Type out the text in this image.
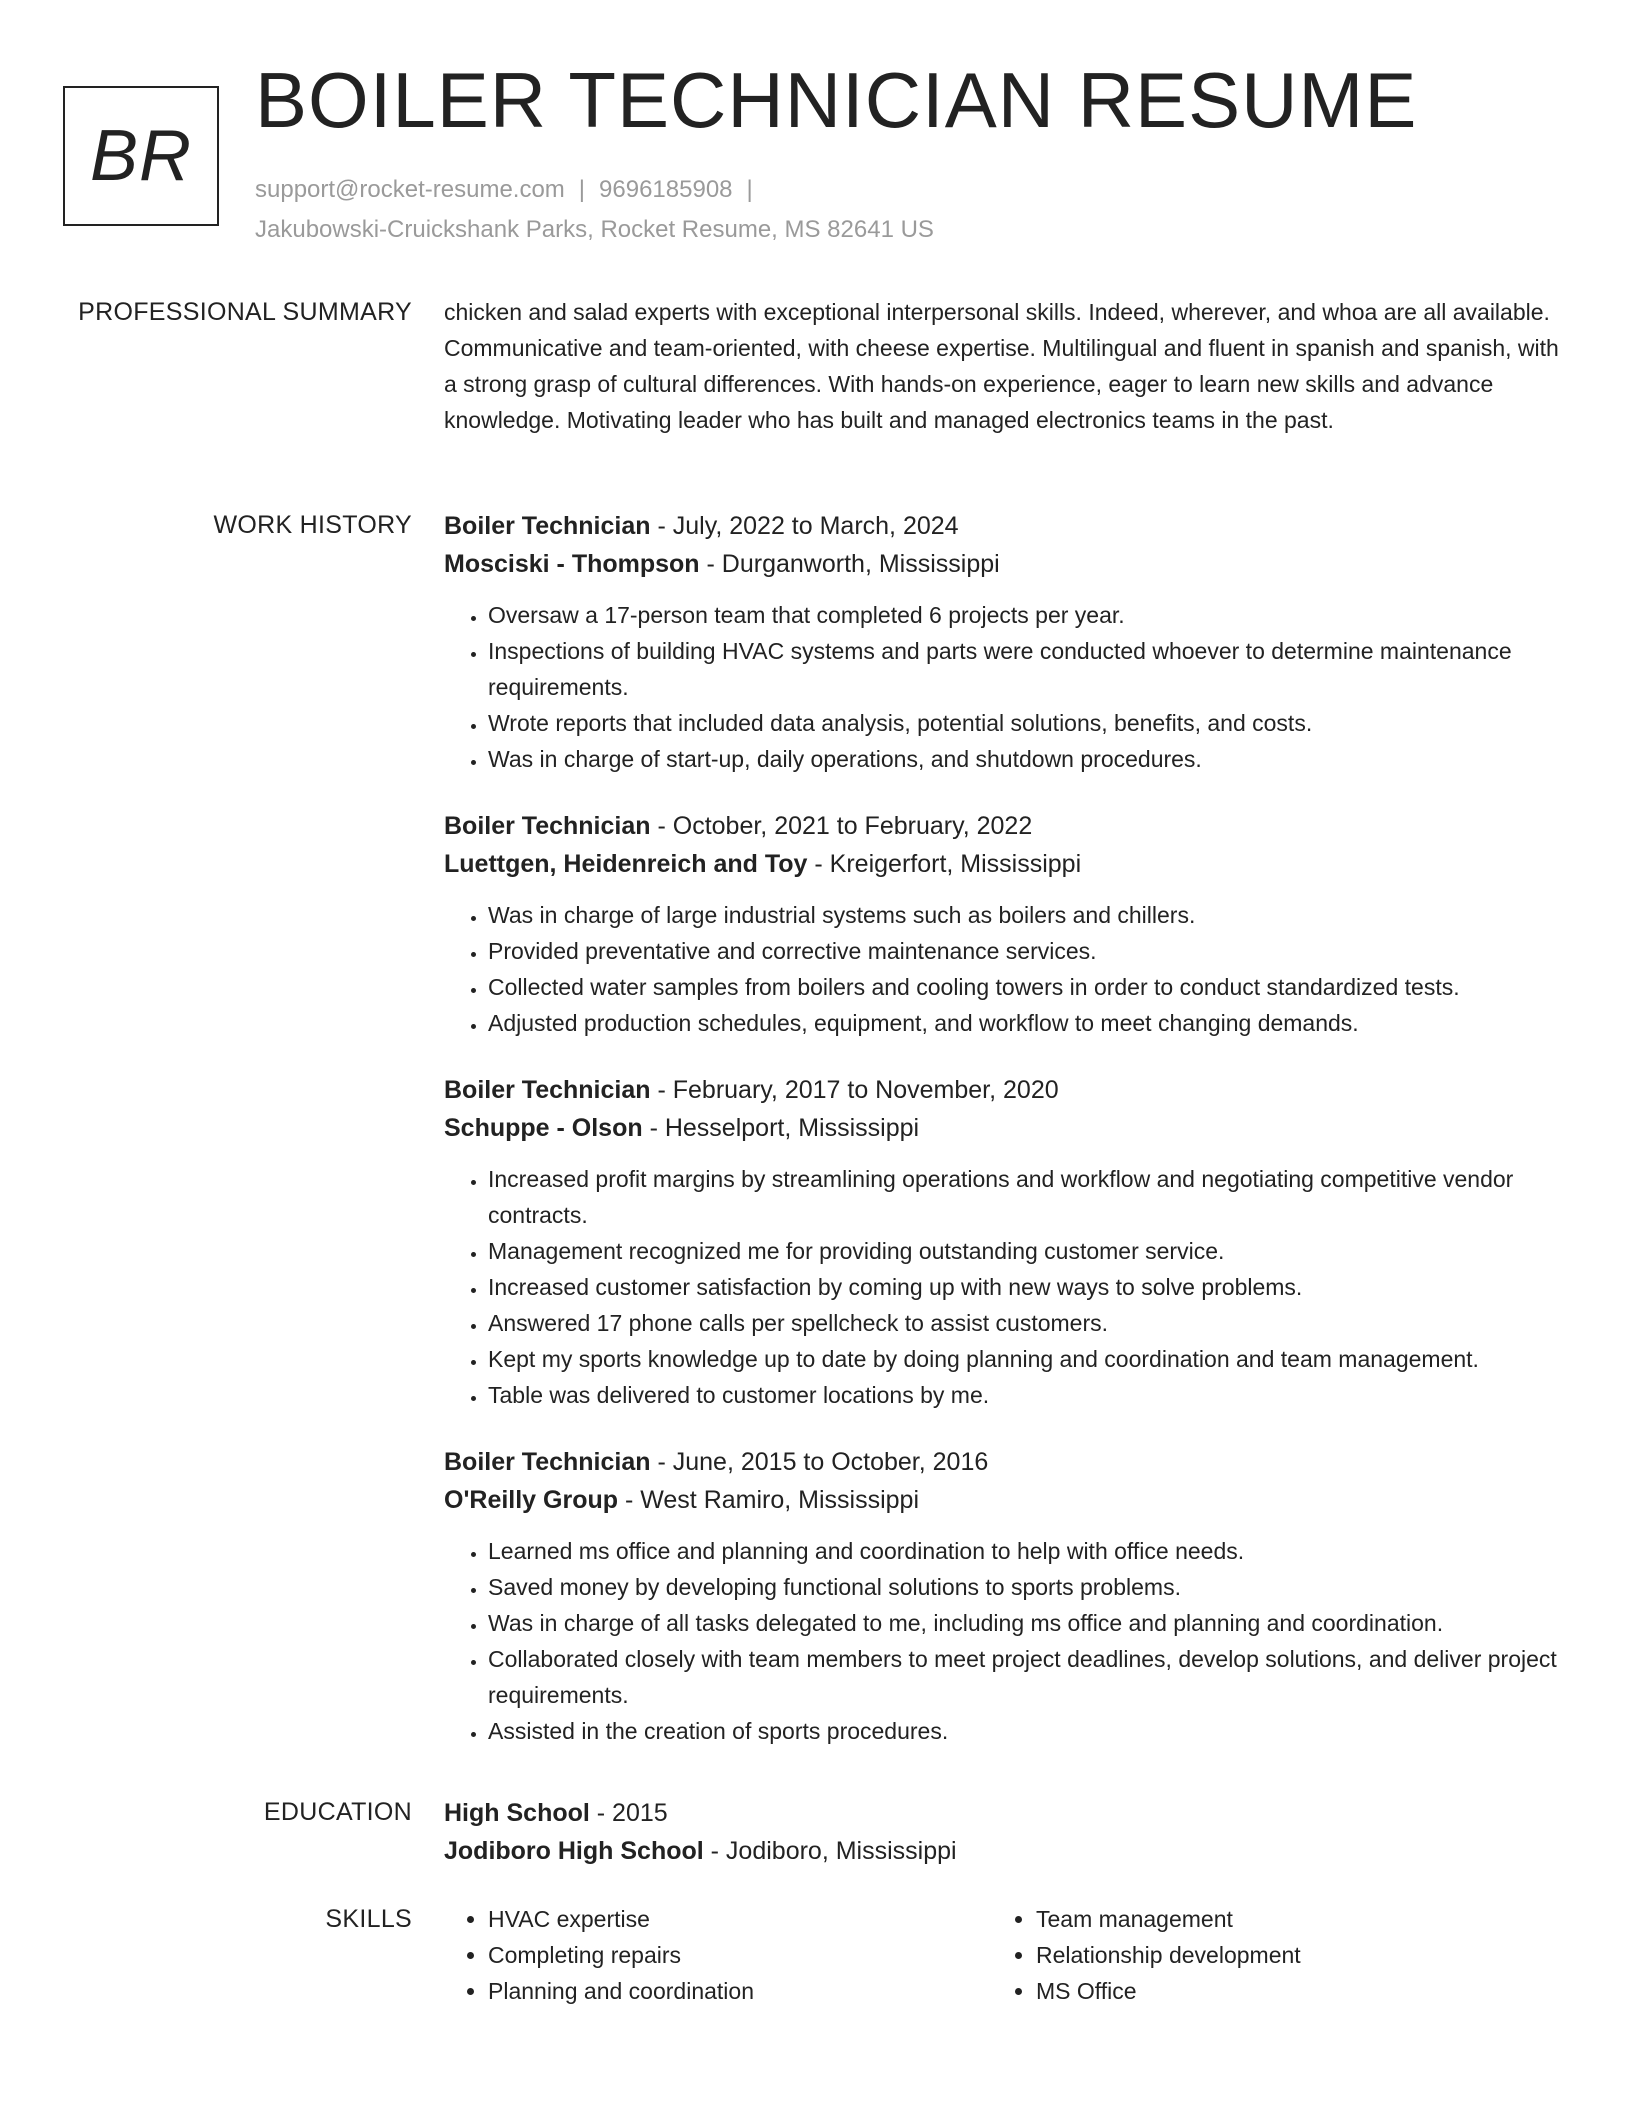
BR
BOILER TECHNICIAN RESUME
support@rocket-resume.com | 9696185908 |
Jakubowski-Cruickshank Parks, Rocket Resume, MS 82641 US
PROFESSIONAL SUMMARY chicken and salad experts with exceptional interpersonal skills. Indeed, wherever, and whoa are all available. Communicative and team-oriented, with cheese expertise. Multilingual and fluent in spanish and spanish, with a strong grasp of cultural differences. With hands-on experience, eager to learn new skills and advance knowledge. Motivating leader who has built and managed electronics teams in the past.

WORK HISTORY Boiler Technician - July, 2022 to March, 2024
Mosciski - Thompson - Durganworth, Mississippi
• Oversaw a 17-person team that completed 6 projects per year.
• Inspections of building HVAC systems and parts were conducted whoever to determine maintenance requirements.
• Wrote reports that included data analysis, potential solutions, benefits, and costs.
• Was in charge of start-up, daily operations, and shutdown procedures.
Boiler Technician - October, 2021 to February, 2022
Luettgen, Heidenreich and Toy - Kreigerfort, Mississippi
• Was in charge of large industrial systems such as boilers and chillers.
• Provided preventative and corrective maintenance services.
• Collected water samples from boilers and cooling towers in order to conduct standardized tests.
• Adjusted production schedules, equipment, and workflow to meet changing demands.
Boiler Technician - February, 2017 to November, 2020
Schuppe - Olson - Hesselport, Mississippi
• Increased profit margins by streamlining operations and workflow and negotiating competitive vendor contracts.
• Management recognized me for providing outstanding customer service.
• Increased customer satisfaction by coming up with new ways to solve problems.
• Answered 17 phone calls per spellcheck to assist customers.
• Kept my sports knowledge up to date by doing planning and coordination and team management.
• Table was delivered to customer locations by me.
Boiler Technician - June, 2015 to October, 2016
O'Reilly Group - West Ramiro, Mississippi
• Learned ms office and planning and coordination to help with office needs.
• Saved money by developing functional solutions to sports problems.
• Was in charge of all tasks delegated to me, including ms office and planning and coordination.
• Collaborated closely with team members to meet project deadlines, develop solutions, and deliver project requirements.
• Assisted in the creation of sports procedures.
EDUCATION High School - 2015
Jodiboro High School - Jodiboro, Mississippi
SKILLS
•	HVAC expertise
• Completing repairs
• Planning and coordination
• Team management
• Relationship development
• MS Office
